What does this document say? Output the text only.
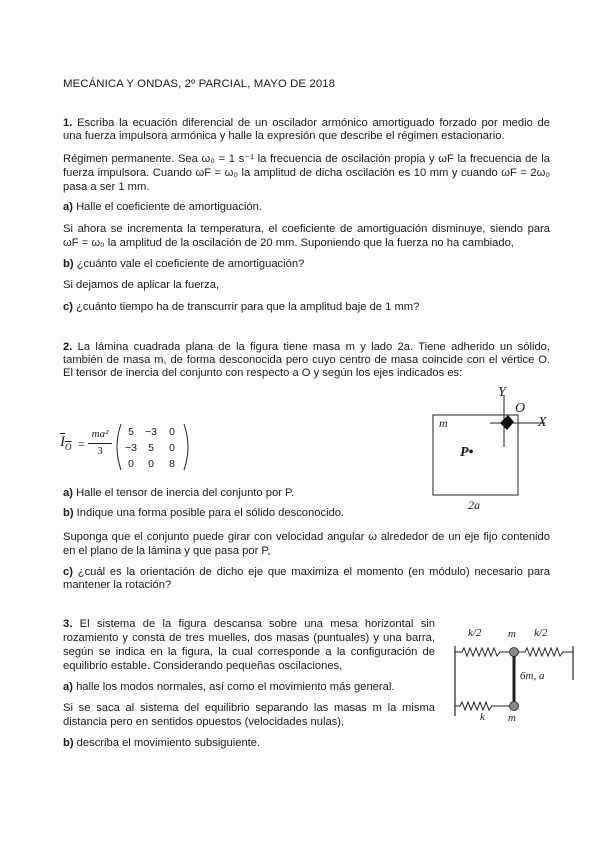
MECÁNICA Y ONDAS, 2º PARCIAL, MAYO DE 2018
1. Escriba la ecuación diferencial de un oscilador armónico amortiguado forzado por medio de una fuerza impulsora armónica y halle la expresión que describe el régimen estacionario.
Régimen permanente. Sea ω₀ = 1 s⁻¹ la frecuencia de oscilación propia y ωF la frecuencia de la fuerza impulsora. Cuando ωF = ω₀ la amplitud de dicha oscilación es 10 mm y cuando ωF = 2ω₀ pasa a ser 1 mm.
a) Halle el coeficiente de amortiguación.
Si ahora se incrementa la temperatura, el coeficiente de amortiguación disminuye, siendo para ωF = ω₀ la amplitud de la oscilación de 20 mm. Suponiendo que la fuerza no ha cambiado,
b) ¿cuánto vale el coeficiente de amortiguación?
Si dejamos de aplicar la fuerza,
c) ¿cuánto tiempo ha de transcurrir para que la amplitud baje de 1 mm?
2. La lámina cuadrada plana de la figura tiene masa m y lado 2a. Tiene adherido un sólido, también de masa m, de forma desconocida pero cuyo centro de masa coincide con el vértice O. El tensor de inercia del conjunto con respecto a O y según los ejes indicados es:
$I_O$ =
ma²
3
5	−3	0
−3	5	0
0	0	8
Y
O
X
m
P•
2a
a) Halle el tensor de inercia del conjunto por P.
b) Indique una forma posible para el sólido desconocido.
Suponga que el conjunto puede girar con velocidad angular ω alrededor de un eje fijo contenido en el plano de la lámina y que pasa por P,
c) ¿cuál es la orientación de dicho eje que maximiza el momento (en módulo) necesario para mantener la rotación?
3. El sistema de la figura descansa sobre una mesa horizontal sin rozamiento y consta de tres muelles, dos masas (puntuales) y una barra, según se indica en la figura, la cual corresponde a la configuración de equilibrio estable. Considerando pequeñas oscilaciones,
a) halle los modos normales, así como el movimiento más general.
Si se saca al sistema del equilibrio separando las masas m la misma distancia pero en sentidos opuestos (velocidades nulas),
b) describa el movimiento subsiguiente.
k/2 m k/2
6m, a
k m
